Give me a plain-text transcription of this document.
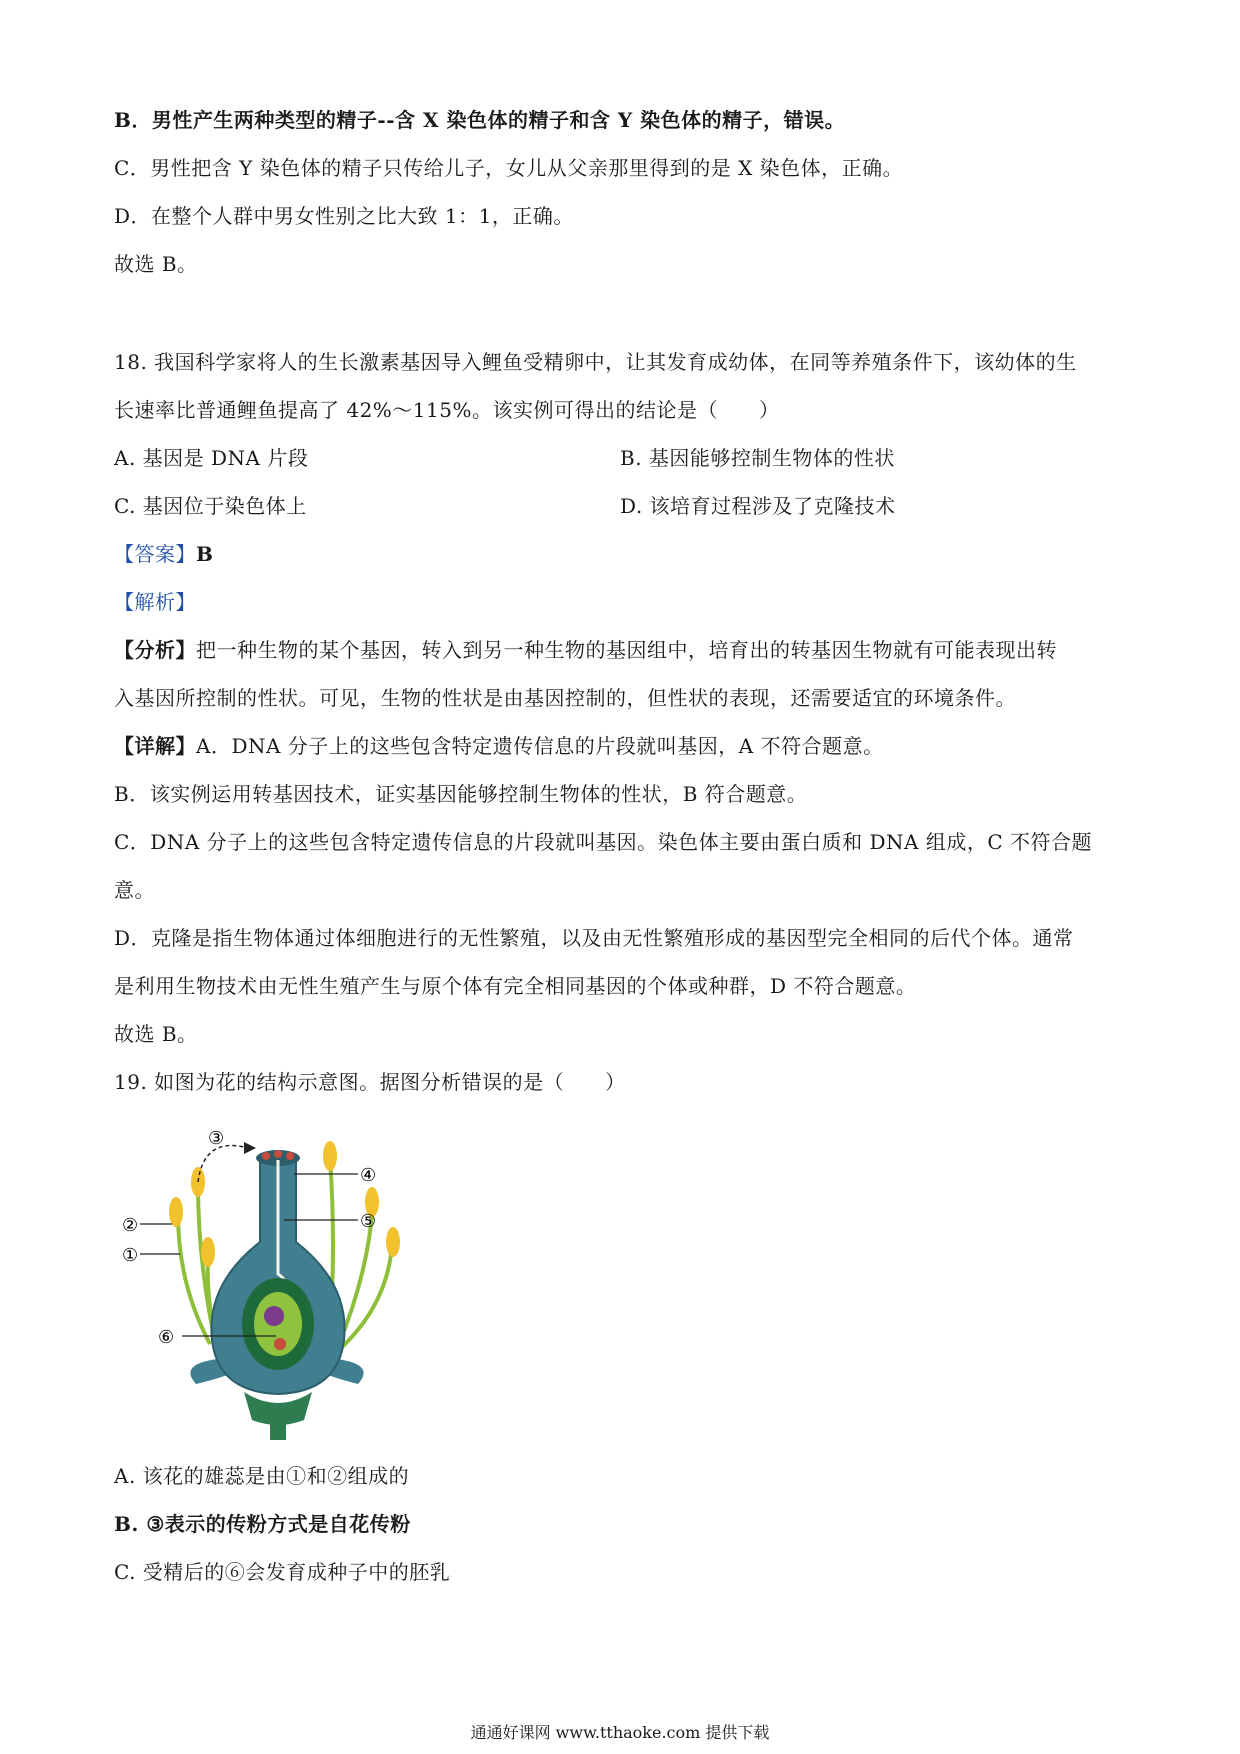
B．男性产生两种类型的精子--含 X 染色体的精子和含 Y 染色体的精子，错误。
C．男性把含 Y 染色体的精子只传给儿子，女儿从父亲那里得到的是 X 染色体，正确。
D．在整个人群中男女性别之比大致 1：1，正确。
故选 B。
18. 我国科学家将人的生长激素基因导入鲤鱼受精卵中，让其发育成幼体，在同等养殖条件下，该幼体的生
长速率比普通鲤鱼提高了 42%～115%。该实例可得出的结论是（　　）
A. 基因是 DNA 片段	B. 基因能够控制生物体的性状
C. 基因位于染色体上	D. 该培育过程涉及了克隆技术
【答案】B
【解析】
【分析】把一种生物的某个基因，转入到另一种生物的基因组中，培育出的转基因生物就有可能表现出转
入基因所控制的性状。可见，生物的性状是由基因控制的，但性状的表现，还需要适宜的环境条件。
【详解】A．DNA 分子上的这些包含特定遗传信息的片段就叫基因，A 不符合题意。
B．该实例运用转基因技术，证实基因能够控制生物体的性状，B 符合题意。
C．DNA 分子上的这些包含特定遗传信息的片段就叫基因。染色体主要由蛋白质和 DNA 组成，C 不符合题
意。
D．克隆是指生物体通过体细胞进行的无性繁殖，以及由无性繁殖形成的基因型完全相同的后代个体。通常
是利用生物技术由无性生殖产生与原个体有完全相同基因的个体或种群，D 不符合题意。
故选 B。
19. 如图为花的结构示意图。据图分析错误的是（　　）
①
②
③
④
⑤
⑥
A. 该花的雄蕊是由①和②组成的
B. ③表示的传粉方式是自花传粉
C. 受精后的⑥会发育成种子中的胚乳
通通好课网 www.tthaoke.com 提供下载
